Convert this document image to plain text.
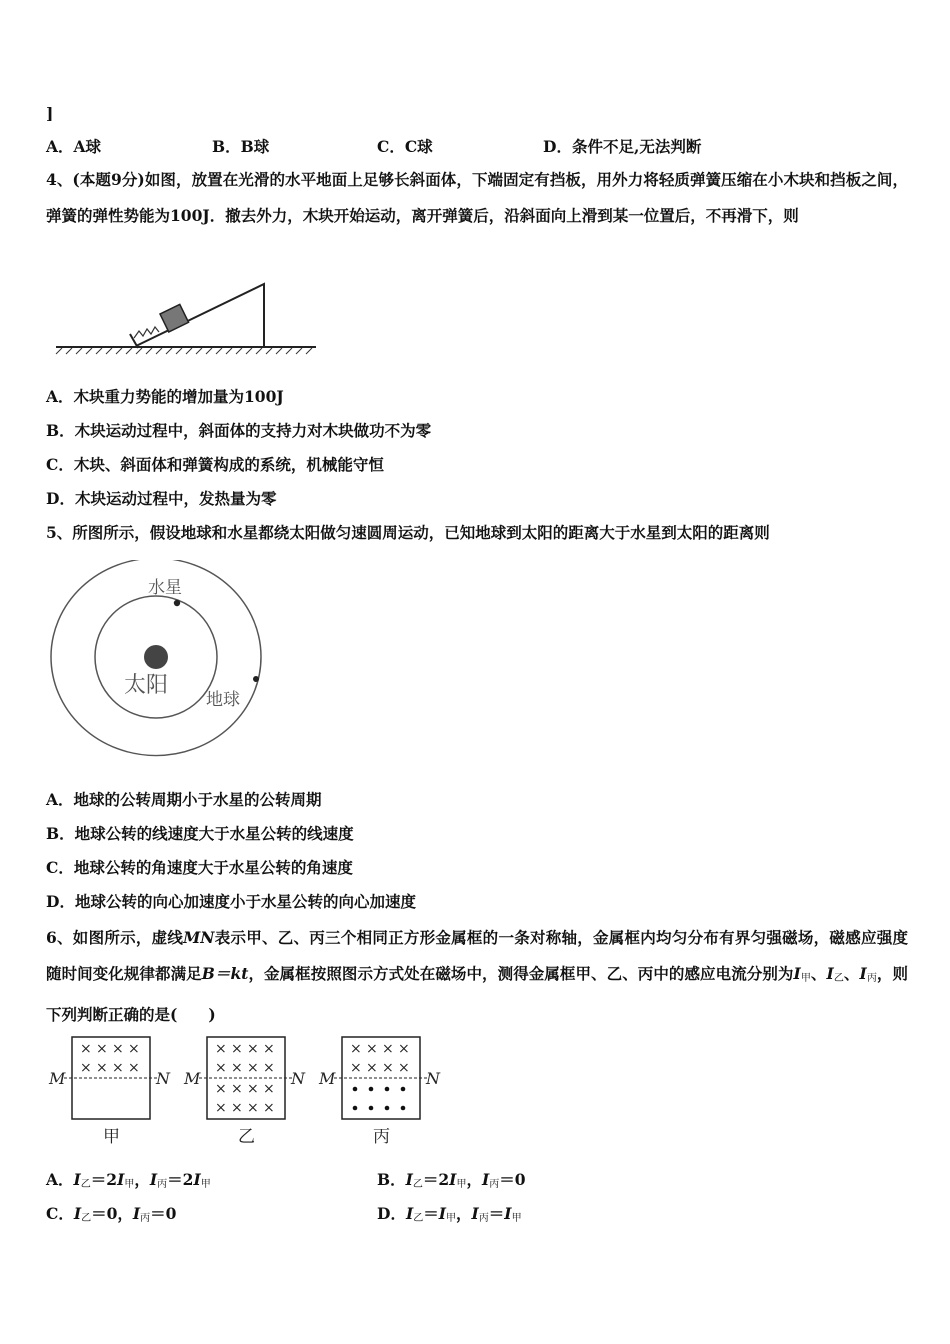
]
A．A球	B．B球	C．C球	D．条件不足,无法判断
4、(本题9分)如图，放置在光滑的水平地面上足够长斜面体，下端固定有挡板，用外力将轻质弹簧压缩在小木块和挡板之间，弹簧的弹性势能为100J．撤去外力，木块开始运动，离开弹簧后，沿斜面向上滑到某一位置后，不再滑下，则
A．木块重力势能的增加量为100J
B．木块运动过程中，斜面体的支持力对木块做功不为零
C．木块、斜面体和弹簧构成的系统，机械能守恒
D．木块运动过程中，发热量为零
5、所图所示，假设地球和水星都绕太阳做匀速圆周运动，已知地球到太阳的距离大于水星到太阳的距离则
水星
太阳
地球
A．地球的公转周期小于水星的公转周期
B．地球公转的线速度大于水星公转的线速度
C．地球公转的角速度大于水星公转的角速度
D．地球公转的向心加速度小于水星公转的向心加速度
6、如图所示，虚线MN表示甲、乙、丙三个相同正方形金属框的一条对称轴，金属框内均匀分布有界匀强磁场，磁感应强度随时间变化规律都满足B＝kt，金属框按照图示方式处在磁场中，测得金属框甲、乙、丙中的感应电流分别为$I_甲$、$I_乙$、$I_丙$，则下列判断正确的是(　　)
× × × ×
× × × ×
M	N
甲
× × × ×
× × × ×
× × × ×
× × × ×
M	N
乙
× × × ×
× × × ×
M	N
丙
A．$I_乙=2I_甲$，$I_丙=2I_甲$	B．$I_乙=2I_甲$，$I_丙=0$
C．$I_乙=0$，$I_丙=0$	D．$I_乙=I_甲$，$I_丙=I_甲$
